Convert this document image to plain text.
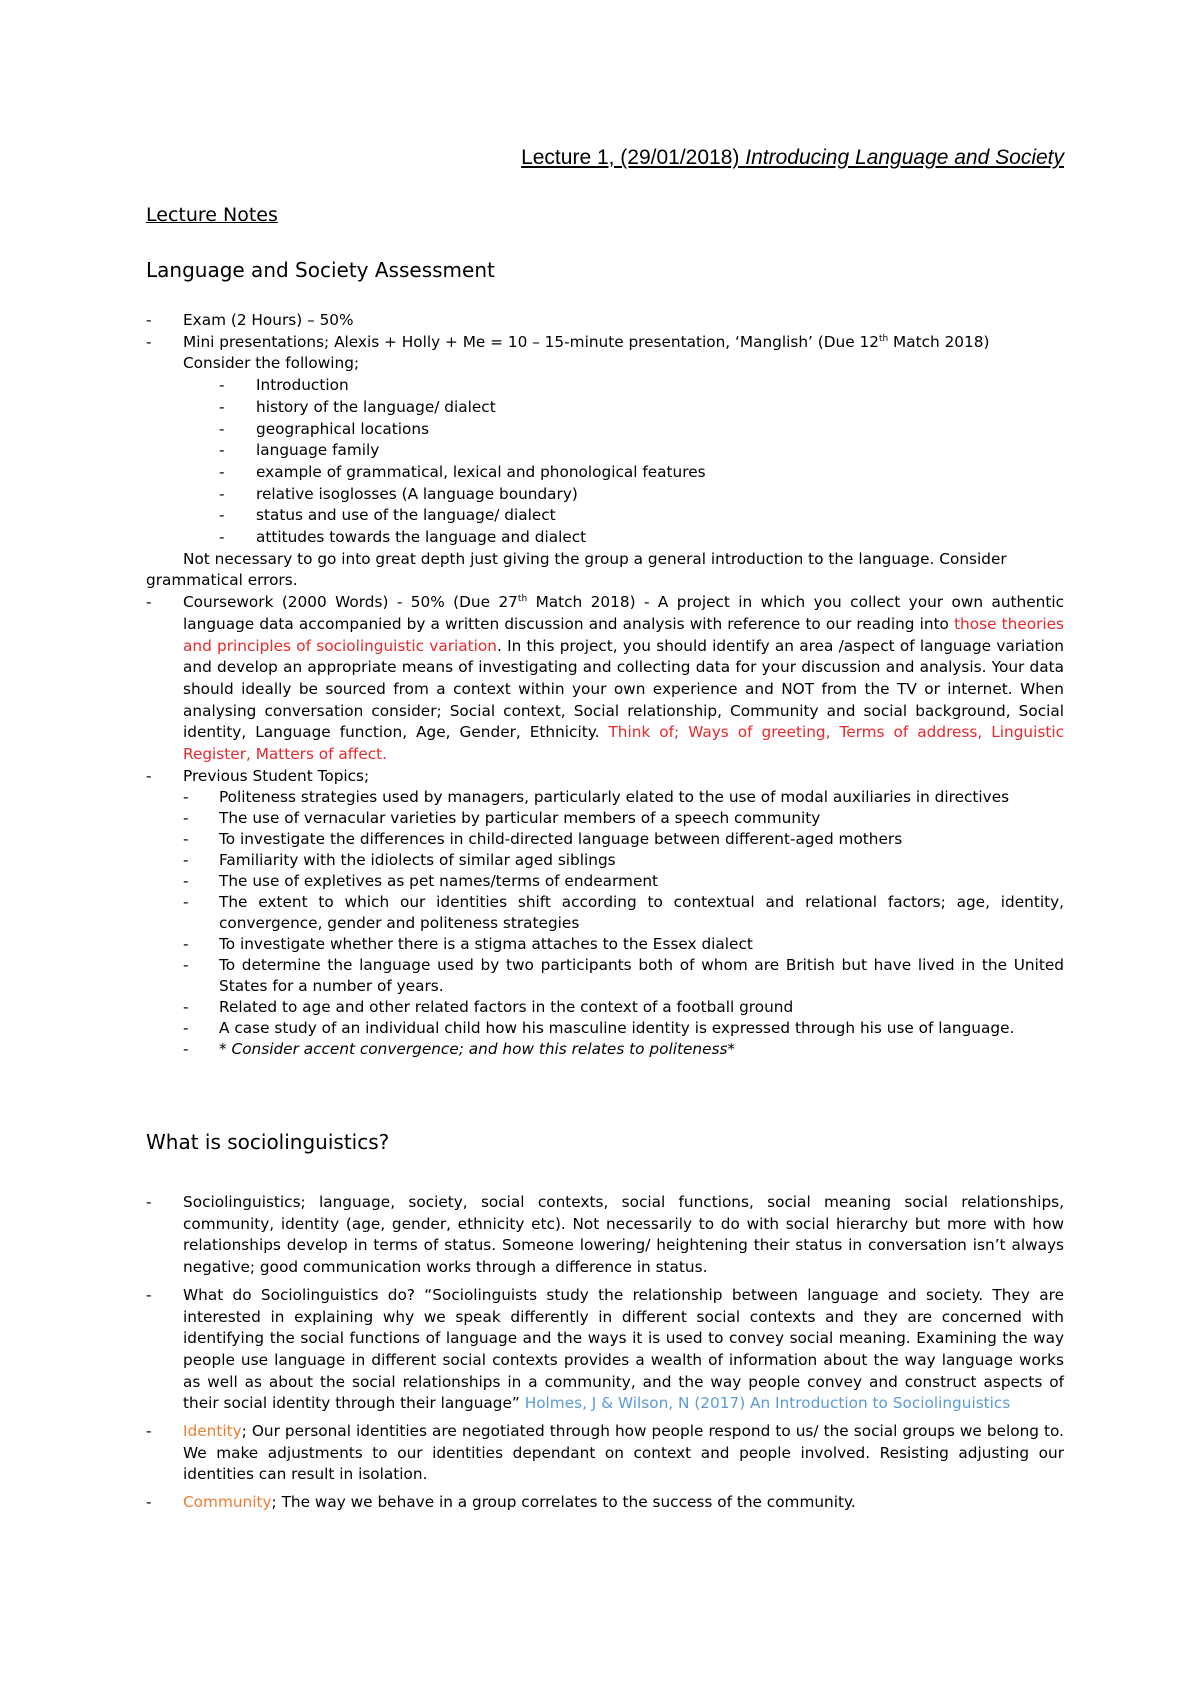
Lecture 1, (29/01/2018) Introducing Language and Society
Lecture Notes
Language and Society Assessment
- Exam (2 Hours) – 50%
- Mini presentations; Alexis + Holly + Me = 10 – 15-minute presentation, ‘Manglish’ (Due 12th Match 2018)
Consider the following;
- Introduction
- history of the language/ dialect
- geographical locations
- language family
- example of grammatical, lexical and phonological features
- relative isoglosses (A language boundary)
- status and use of the language/ dialect
- attitudes towards the language and dialect
Not necessary to go into great depth just giving the group a general introduction to the language. Consider
grammatical errors.
- Coursework (2000 Words) - 50% (Due 27th Match 2018) - A project in which you collect your own authentic language data accompanied by a written discussion and analysis with reference to our reading into those theories and principles of sociolinguistic variation. In this project, you should identify an area /aspect of language variation and develop an appropriate means of investigating and collecting data for your discussion and analysis. Your data should ideally be sourced from a context within your own experience and NOT from the TV or internet. When analysing conversation consider; Social context, Social relationship, Community and social background, Social identity, Language function, Age, Gender, Ethnicity. Think of; Ways of greeting, Terms of address, Linguistic Register, Matters of affect.
- Previous Student Topics;
- Politeness strategies used by managers, particularly elated to the use of modal auxiliaries in directives
- The use of vernacular varieties by particular members of a speech community
- To investigate the differences in child-directed language between different-aged mothers
- Familiarity with the idiolects of similar aged siblings
- The use of expletives as pet names/terms of endearment
- The extent to which our identities shift according to contextual and relational factors; age, identity, convergence, gender and politeness strategies
- To investigate whether there is a stigma attaches to the Essex dialect
- To determine the language used by two participants both of whom are British but have lived in the United States for a number of years.
- Related to age and other related factors in the context of a football ground
- A case study of an individual child how his masculine identity is expressed through his use of language.
- * Consider accent convergence; and how this relates to politeness*
What is sociolinguistics?
- Sociolinguistics; language, society, social contexts, social functions, social meaning social relationships, community, identity (age, gender, ethnicity etc). Not necessarily to do with social hierarchy but more with how relationships develop in terms of status. Someone lowering/ heightening their status in conversation isn’t always negative; good communication works through a difference in status.
- What do Sociolinguistics do? “Sociolinguists study the relationship between language and society. They are interested in explaining why we speak differently in different social contexts and they are concerned with identifying the social functions of language and the ways it is used to convey social meaning. Examining the way people use language in different social contexts provides a wealth of information about the way language works as well as about the social relationships in a community, and the way people convey and construct aspects of their social identity through their language” Holmes, J & Wilson, N (2017) An Introduction to Sociolinguistics
- Identity; Our personal identities are negotiated through how people respond to us/ the social groups we belong to. We make adjustments to our identities dependant on context and people involved. Resisting adjusting our identities can result in isolation.
- Community; The way we behave in a group correlates to the success of the community.
